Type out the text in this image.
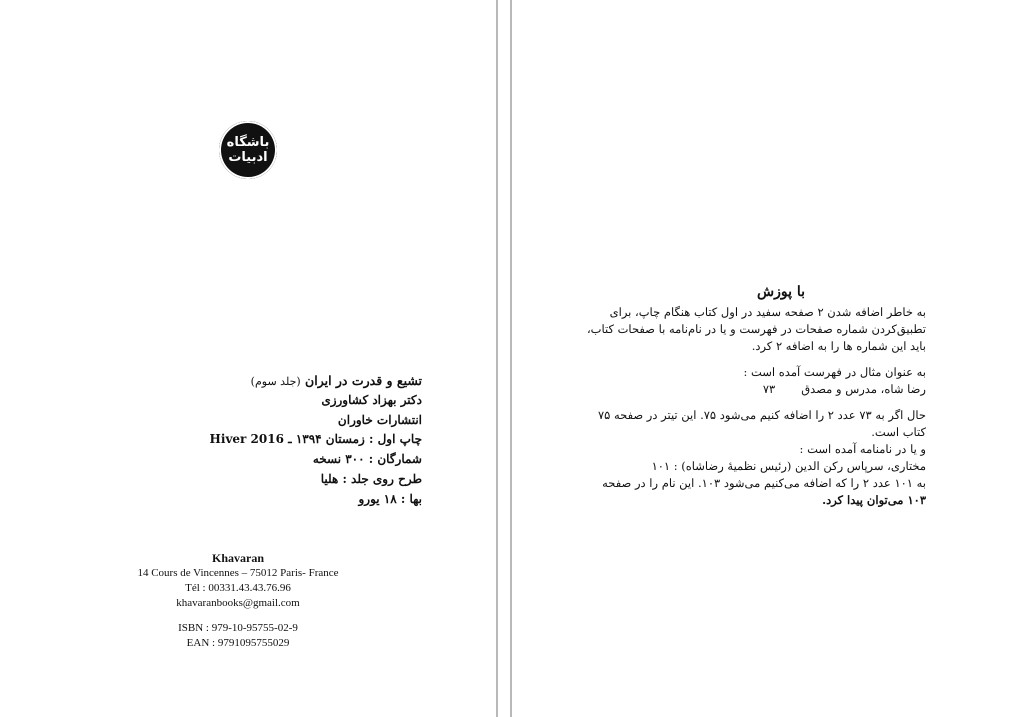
باشگاه ادبیات
تشیع و قدرت در ایران (جلد سوم)
دکتر بهزاد کشاورزی
انتشارات خاوران
چاپ اول : زمستان ۱۳۹۴ ـ Hiver 2016
شمارگان : ۳۰۰ نسخه
طرح روی جلد : هلیا
بها : ۱۸ یورو
Khavaran
14 Cours de Vincennes – 75012 Paris- France
Tél : 00331.43.43.76.96
khavaranbooks@gmail.com
ISBN : 979-10-95755-02-9
EAN : 9791095755029
با پوزش
به خاطر اضافه شدن ۲ صفحه سفید در اول کتاب هنگام چاپ، برای
تطبیق‌کردن شماره صفحات در فهرست و یا در نام‌نامه با صفحات کتاب،
باید این شماره ها را به اضافه ۲ کرد.
به عنوان مثال در فهرست آمده است :
رضا شاه، مدرس و مصدق
۷۳
حال اگر به ۷۳ عدد ۲ را اضافه کنیم می‌شود ۷۵. این تیتر در صفحه ۷۵
کتاب است.
و یا در نامنامه آمده است :
مختاری، سرپاس رکن الدین (رئیس نظمیهٔ رضاشاه) : ۱۰۱
به ۱۰۱ عدد ۲ را که اضافه می‌کنیم می‌شود ۱۰۳. این نام را در صفحه
۱۰۳ می‌توان پیدا کرد.
